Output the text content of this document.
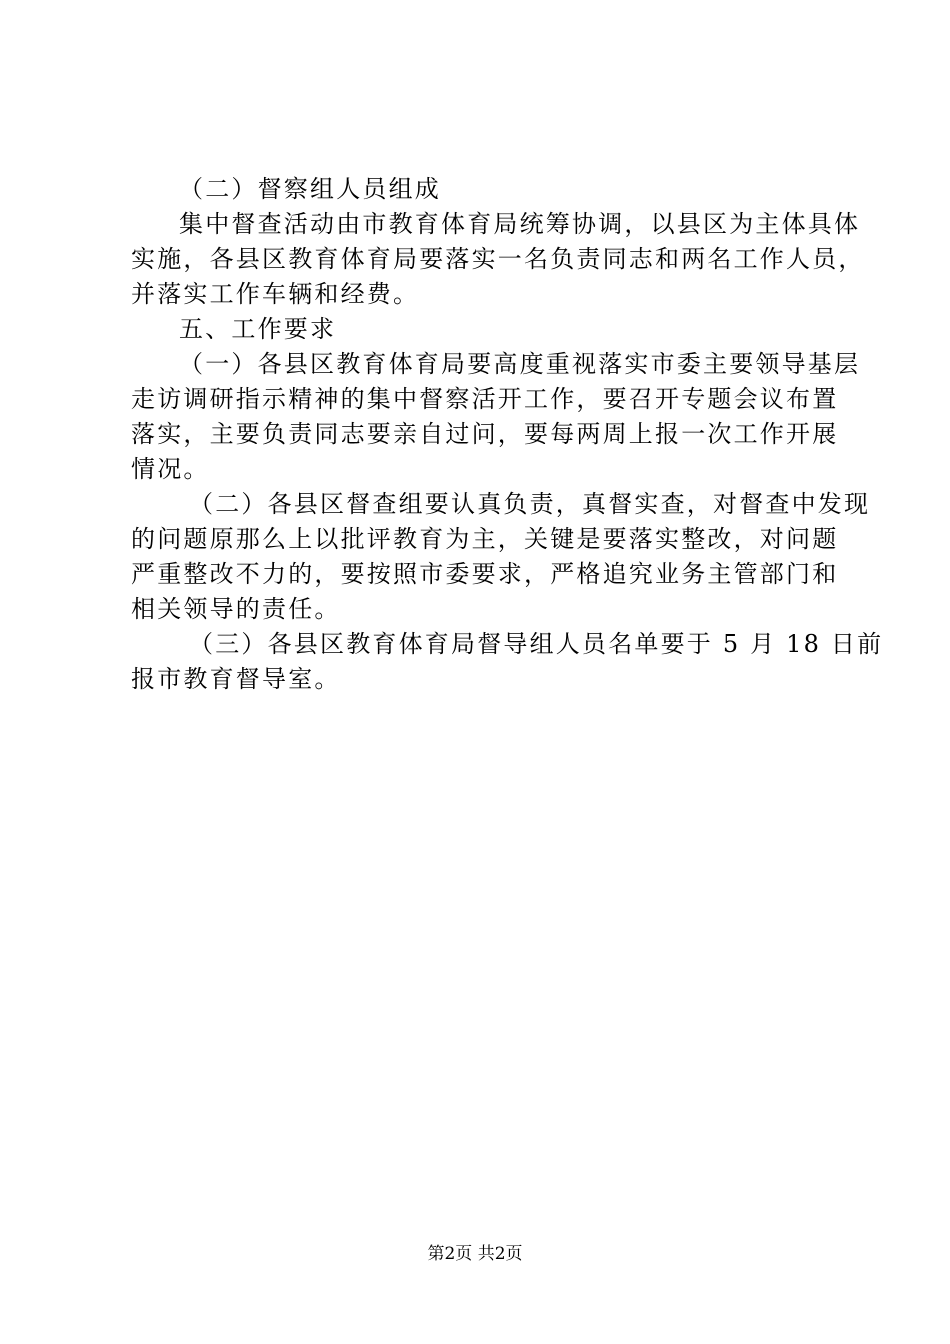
（二）督察组人员组成
集中督查活动由市教育体育局统筹协调，以县区为主体具体
实施，各县区教育体育局要落实一名负责同志和两名工作人员，
并落实工作车辆和经费。
五、工作要求
（一）各县区教育体育局要高度重视落实市委主要领导基层
走访调研指示精神的集中督察活开工作，要召开专题会议布置
落实，主要负责同志要亲自过问，要每两周上报一次工作开展
情况。
（二）各县区督查组要认真负责，真督实查，对督查中发现
的问题原那么上以批评教育为主，关键是要落实整改，对问题
严重整改不力的，要按照市委要求，严格追究业务主管部门和
相关领导的责任。
（三）各县区教育体育局督导组人员名单要于 5 月 18 日前
报市教育督导室。
第2页 共2页
